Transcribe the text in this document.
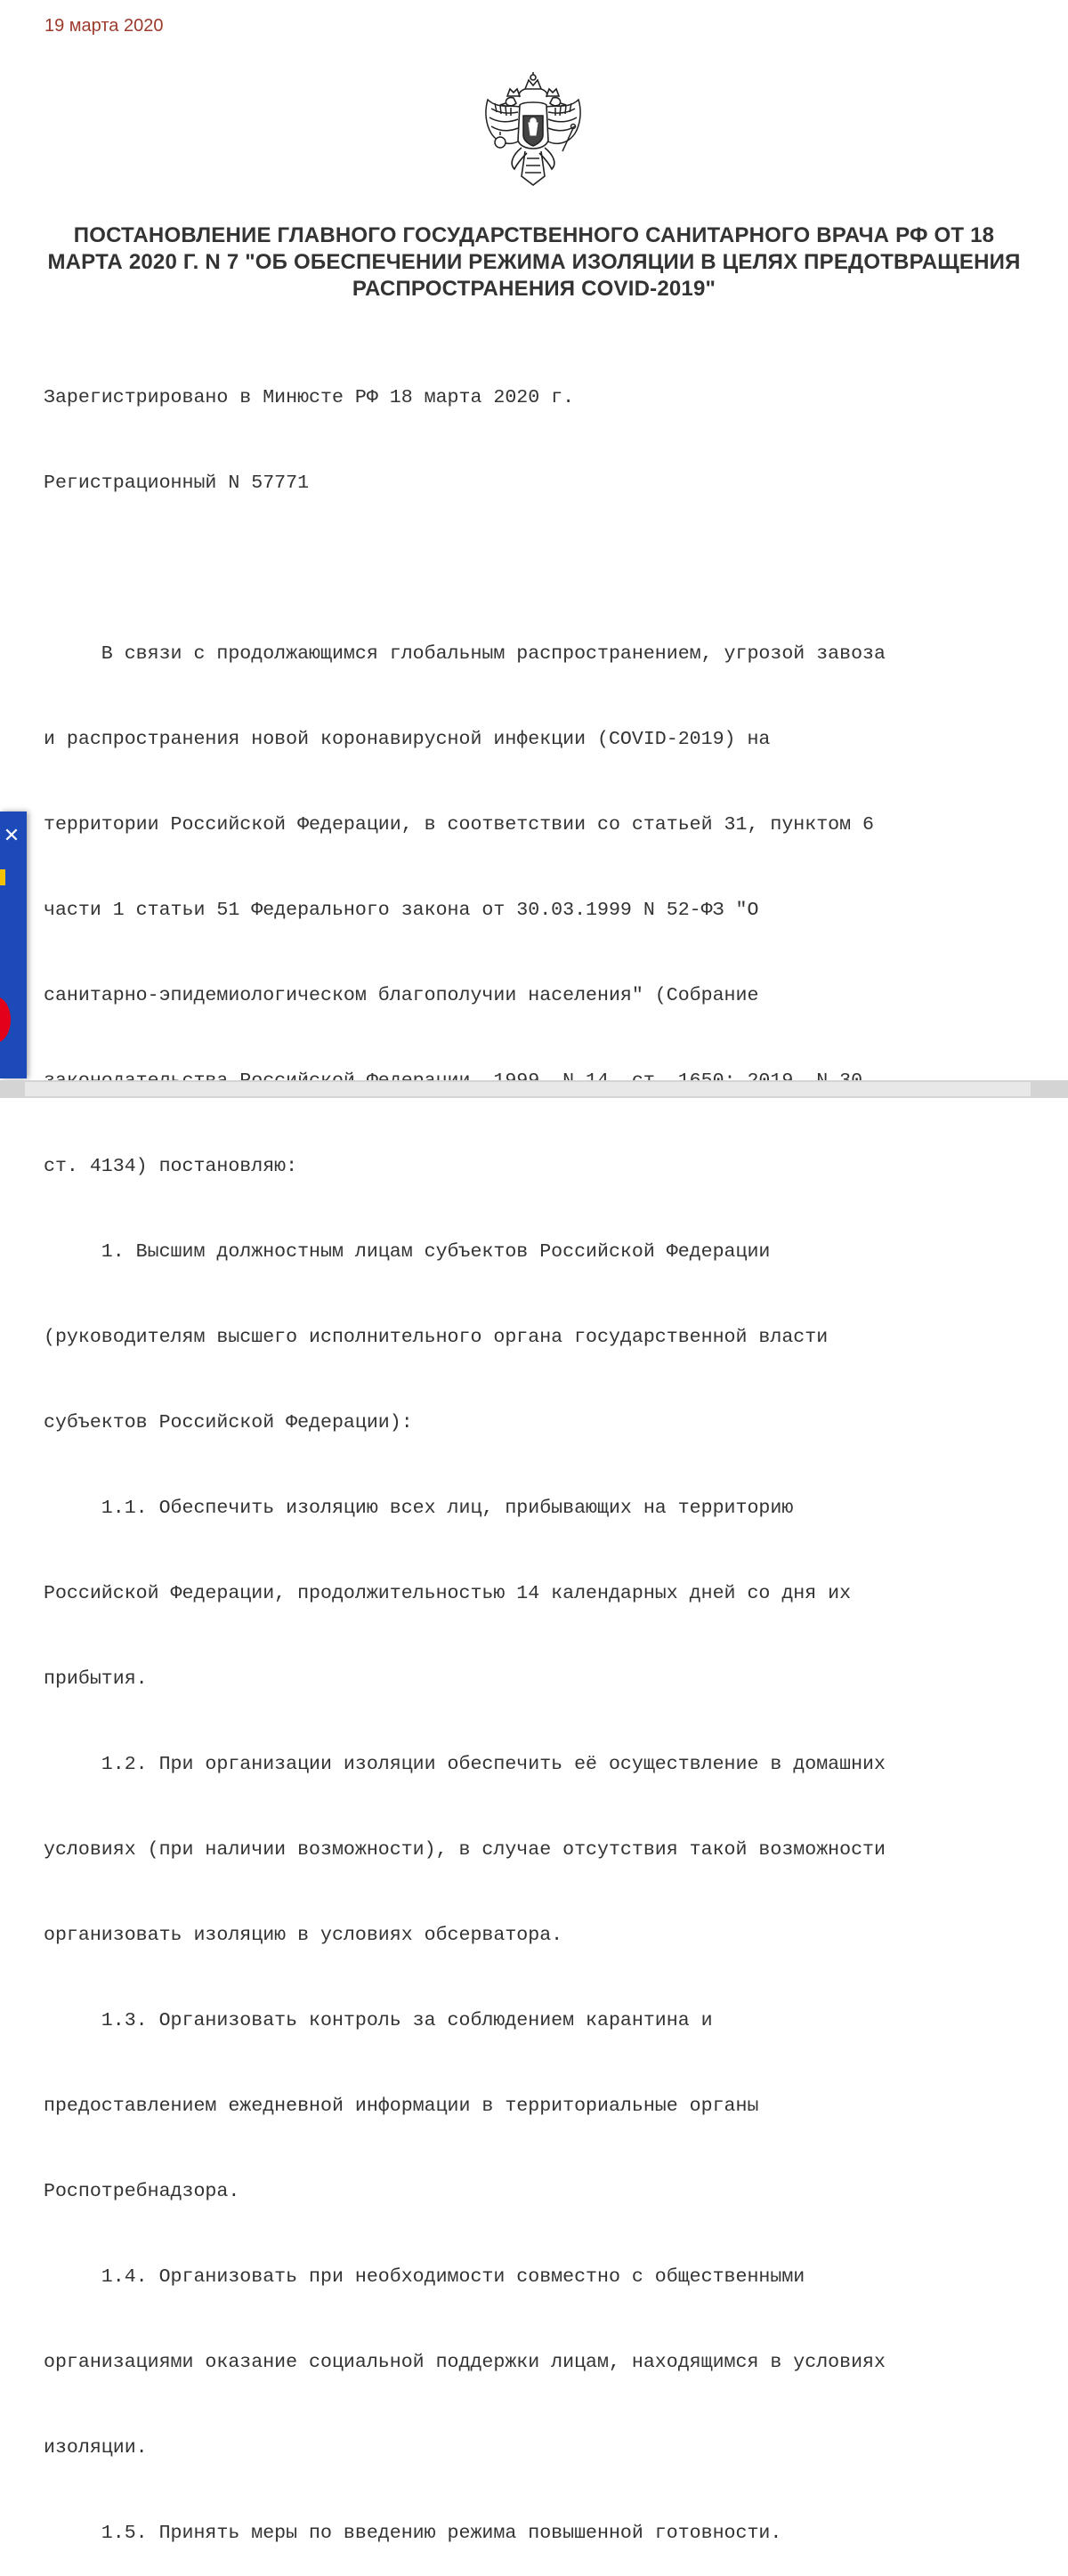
19 марта 2020
ПОСТАНОВЛЕНИЕ ГЛАВНОГО ГОСУДАРСТВЕННОГО САНИТАРНОГО ВРАЧА РФ ОТ 18 МАРТА 2020 Г. N 7 "ОБ ОБЕСПЕЧЕНИИ РЕЖИМА ИЗОЛЯЦИИ В ЦЕЛЯХ ПРЕДОТВРАЩЕНИЯ РАСПРОСТРАНЕНИЯ COVID-2019"

Зарегистрировано в Минюсте РФ 18 марта 2020 г.

Регистрационный N 57771

В связи с продолжающимся глобальным распространением, угрозой завоза

и распространения новой коронавирусной инфекции (COVID-2019) на

территории Российской Федерации, в соответствии со статьей 31, пунктом 6

части 1 статьи 51 Федерального закона от 30.03.1999 N 52-ФЗ "О

санитарно-эпидемиологическом благополучии населения" (Собрание

ст. 4134) постановляю:

1. Высшим должностным лицам субъектов Российской Федерации

(руководителям высшего исполнительного органа государственной власти

субъектов Российской Федерации):

1.1. Обеспечить изоляцию всех лиц, прибывающих на территорию

Российской Федерации, продолжительностью 14 календарных дней со дня их

прибытия.

1.2. При организации изоляции обеспечить её осуществление в домашних

условиях (при наличии возможности), в случае отсутствия такой возможности

организовать изоляцию в условиях обсерватора.

1.3. Организовать контроль за соблюдением карантина и

предоставлением ежедневной информации в территориальные органы

Роспотребнадзора.

1.4. Организовать при необходимости совместно с общественными

организациями оказание социальной поддержки лицам, находящимся в условиях

изоляции.

1.5. Принять меры по введению режима повышенной готовности.

✕
